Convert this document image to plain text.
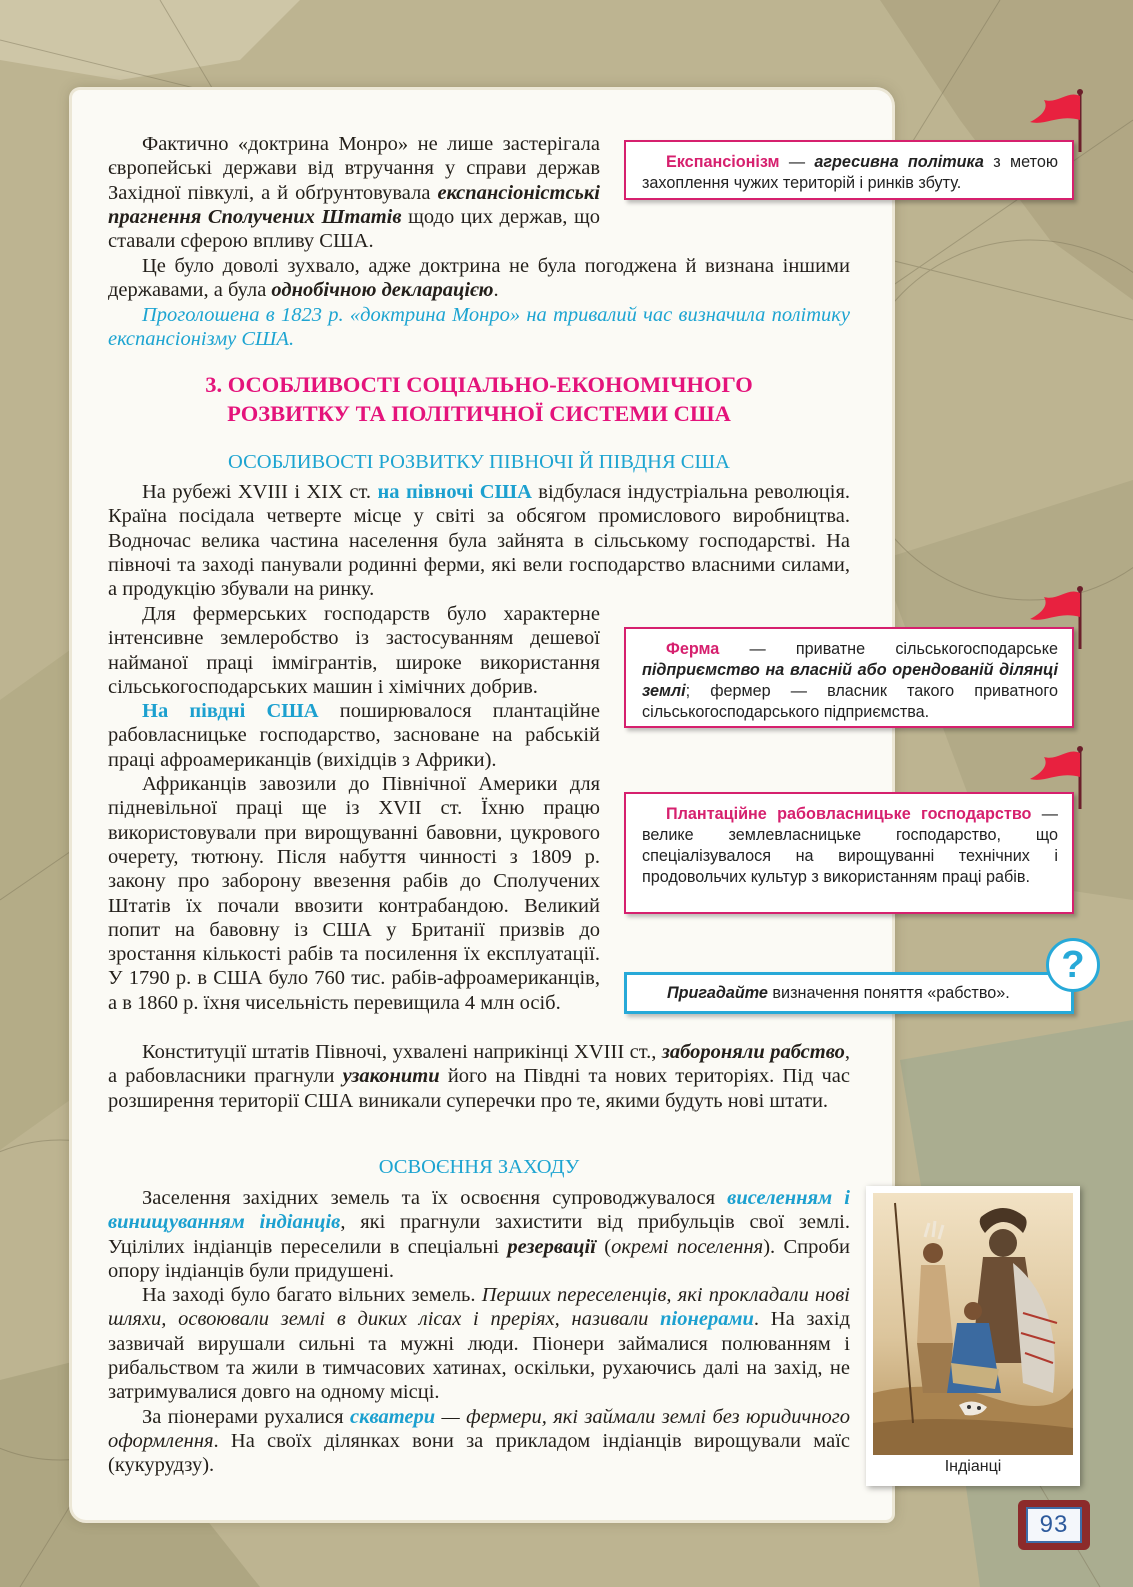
Фактично «доктрина Монро» не лише застерігала європейські держави від втручання у справи держав Західної півкулі, а й обґрунтовувала експансіоністські прагнення Сполучених Штатів щодо цих держав, що ставали сферою впливу США.

Це було доволі зухвало, адже доктрина не була погоджена й визнана іншими державами, а була однобічною декларацією.

Проголошена в 1823 р. «доктрина Монро» на тривалий час визначила політику експансіонізму США.

3. ОСОБЛИВОСТІ СОЦІАЛЬНО-ЕКОНОМІЧНОГО
РОЗВИТКУ ТА ПОЛІТИЧНОЇ СИСТЕМИ США
ОСОБЛИВОСТІ РОЗВИТКУ ПІВНОЧІ Й ПІВДНЯ США

На рубежі XVIII і XIX ст. на півночі США відбулася індустріальна революція. Країна посідала четверте місце у світі за обсягом промислового виробництва. Водночас велика частина населення була зайнята в сільському господарстві. На півночі та заході панували родинні ферми, які вели господарство власними силами, а продукцію збували на ринку.

Для фермерських господарств було характерне інтенсивне землеробство із застосуванням дешевої найманої праці іммігрантів, широке використання сільськогосподарських машин і хімічних добрив.

На півдні США поширювалося плантаційне рабовласницьке господарство, засноване на рабській праці афроамериканців (вихідців з Африки).

Африканців завозили до Північної Америки для підневільної праці ще із XVII ст. Їхню працю використовували при вирощуванні бавовни, цукрового очерету, тютюну. Після набуття чинності з 1809 р. закону про заборону ввезення рабів до Сполучених Штатів їх почали ввозити контрабандою. Великий попит на бавовну із США у Британії призвів до зростання кількості рабів та посилення їх експлуатації. У 1790 р. в США було 760 тис. рабів-афроамериканців, а в 1860 р. їхня чисельність перевищила 4 млн осіб.

Конституції штатів Півночі, ухвалені наприкінці XVIII ст., забороняли рабство, а рабовласники прагнули узаконити його на Півдні та нових територіях. Під час розширення території США виникали суперечки про те, якими будуть нові штати.

ОСВОЄННЯ ЗАХОДУ

Заселення західних земель та їх освоєння супроводжувалося виселенням і винищуванням індіанців, які прагнули захистити від прибульців свої землі. Уцілілих індіанців переселили в спеціальні резервації (окремі поселення). Спроби опору індіанців були придушені.

На заході було багато вільних земель. Перших переселенців, які прокладали нові шляхи, освоювали землі в диких лісах і преріях, називали піонерами. На захід зазвичай вирушали сильні та мужні люди. Піонери займалися полюванням і рибальством та жили в тимчасових хатинах, оскільки, рухаючись далі на захід, не затримувалися довго на одному місці.

За піонерами рухалися скватери — фермери, які займали землі без юридичного оформлення. На своїх ділянках вони за прикладом індіанців вирощували маїс (кукурудзу).

Експансіонізм — агресивна політика з метою захоплення чужих територій і ринків збуту.

Ферма — приватне сільськогосподарське підприємство на власній або орендованій ділянці землі; фермер — власник такого приватного сільськогосподарського підприємства.

Плантаційне рабовласницьке господарство — велике землевласницьке господарство, що спеціалізувалося на вирощуванні технічних і продовольчих культур з використанням праці рабів.

Пригадайте визначення поняття «рабство».
?
Індіанці
93
